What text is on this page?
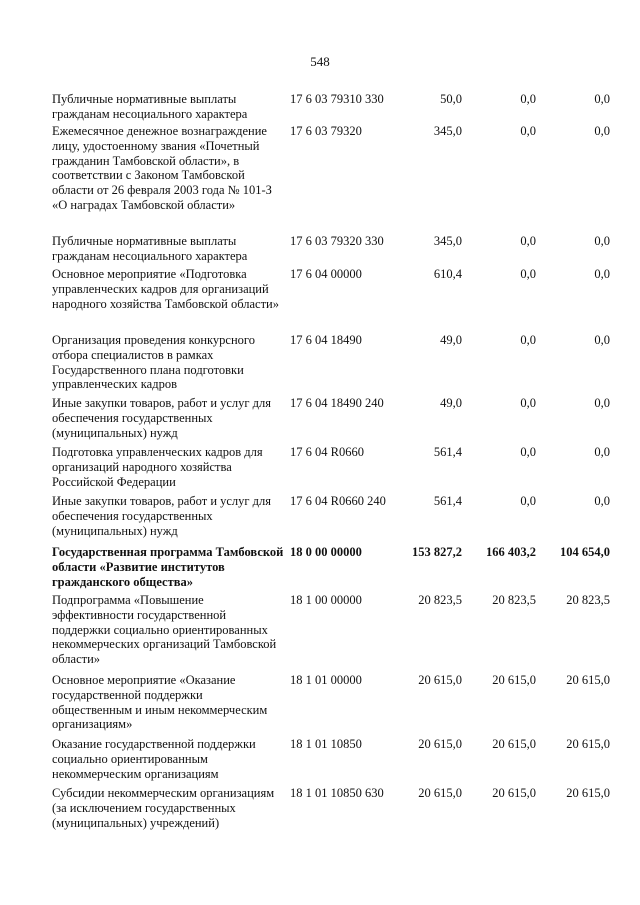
548
Публичные нормативные выплаты гражданам несоциального характера
17 6 03 79310 330	50,0	0,0	0,0
Ежемесячное денежное вознаграждение лицу, удостоенному звания «Почетный гражданин Тамбовской области», в соответствии с Законом Тамбовской области от 26 февраля 2003 года № 101-З «О наградах Тамбовской области»
17 6 03 79320	345,0	0,0	0,0
Публичные нормативные выплаты гражданам несоциального характера
17 6 03 79320 330	345,0	0,0	0,0
Основное мероприятие «Подготовка управленческих кадров для организаций народного хозяйства Тамбовской области»
17 6 04 00000	610,4	0,0	0,0
Организация проведения конкурсного отбора специалистов в рамках Государственного плана подготовки управленческих кадров
17 6 04 18490	49,0	0,0	0,0
Иные закупки товаров, работ и услуг для обеспечения государственных (муниципальных) нужд
17 6 04 18490 240	49,0	0,0	0,0
Подготовка управленческих кадров для организаций народного хозяйства Российской Федерации
17 6 04 R0660	561,4	0,0	0,0
Иные закупки товаров, работ и услуг для обеспечения государственных (муниципальных) нужд
17 6 04 R0660 240	561,4	0,0	0,0
Государственная программа Тамбовской области «Развитие институтов гражданского общества»
18 0 00 00000	153 827,2	166 403,2	104 654,0
Подпрограмма «Повышение эффективности государственной поддержки социально ориентированных некоммерческих организаций Тамбовской области»
18 1 00 00000	20 823,5	20 823,5	20 823,5
Основное мероприятие «Оказание государственной поддержки общественным и иным некоммерческим организациям»
18 1 01 00000	20 615,0	20 615,0	20 615,0
Оказание государственной поддержки социально ориентированным некоммерческим организациям
18 1 01 10850	20 615,0	20 615,0	20 615,0
Субсидии некоммерческим организациям (за исключением государственных (муниципальных) учреждений)
18 1 01 10850 630	20 615,0	20 615,0	20 615,0
